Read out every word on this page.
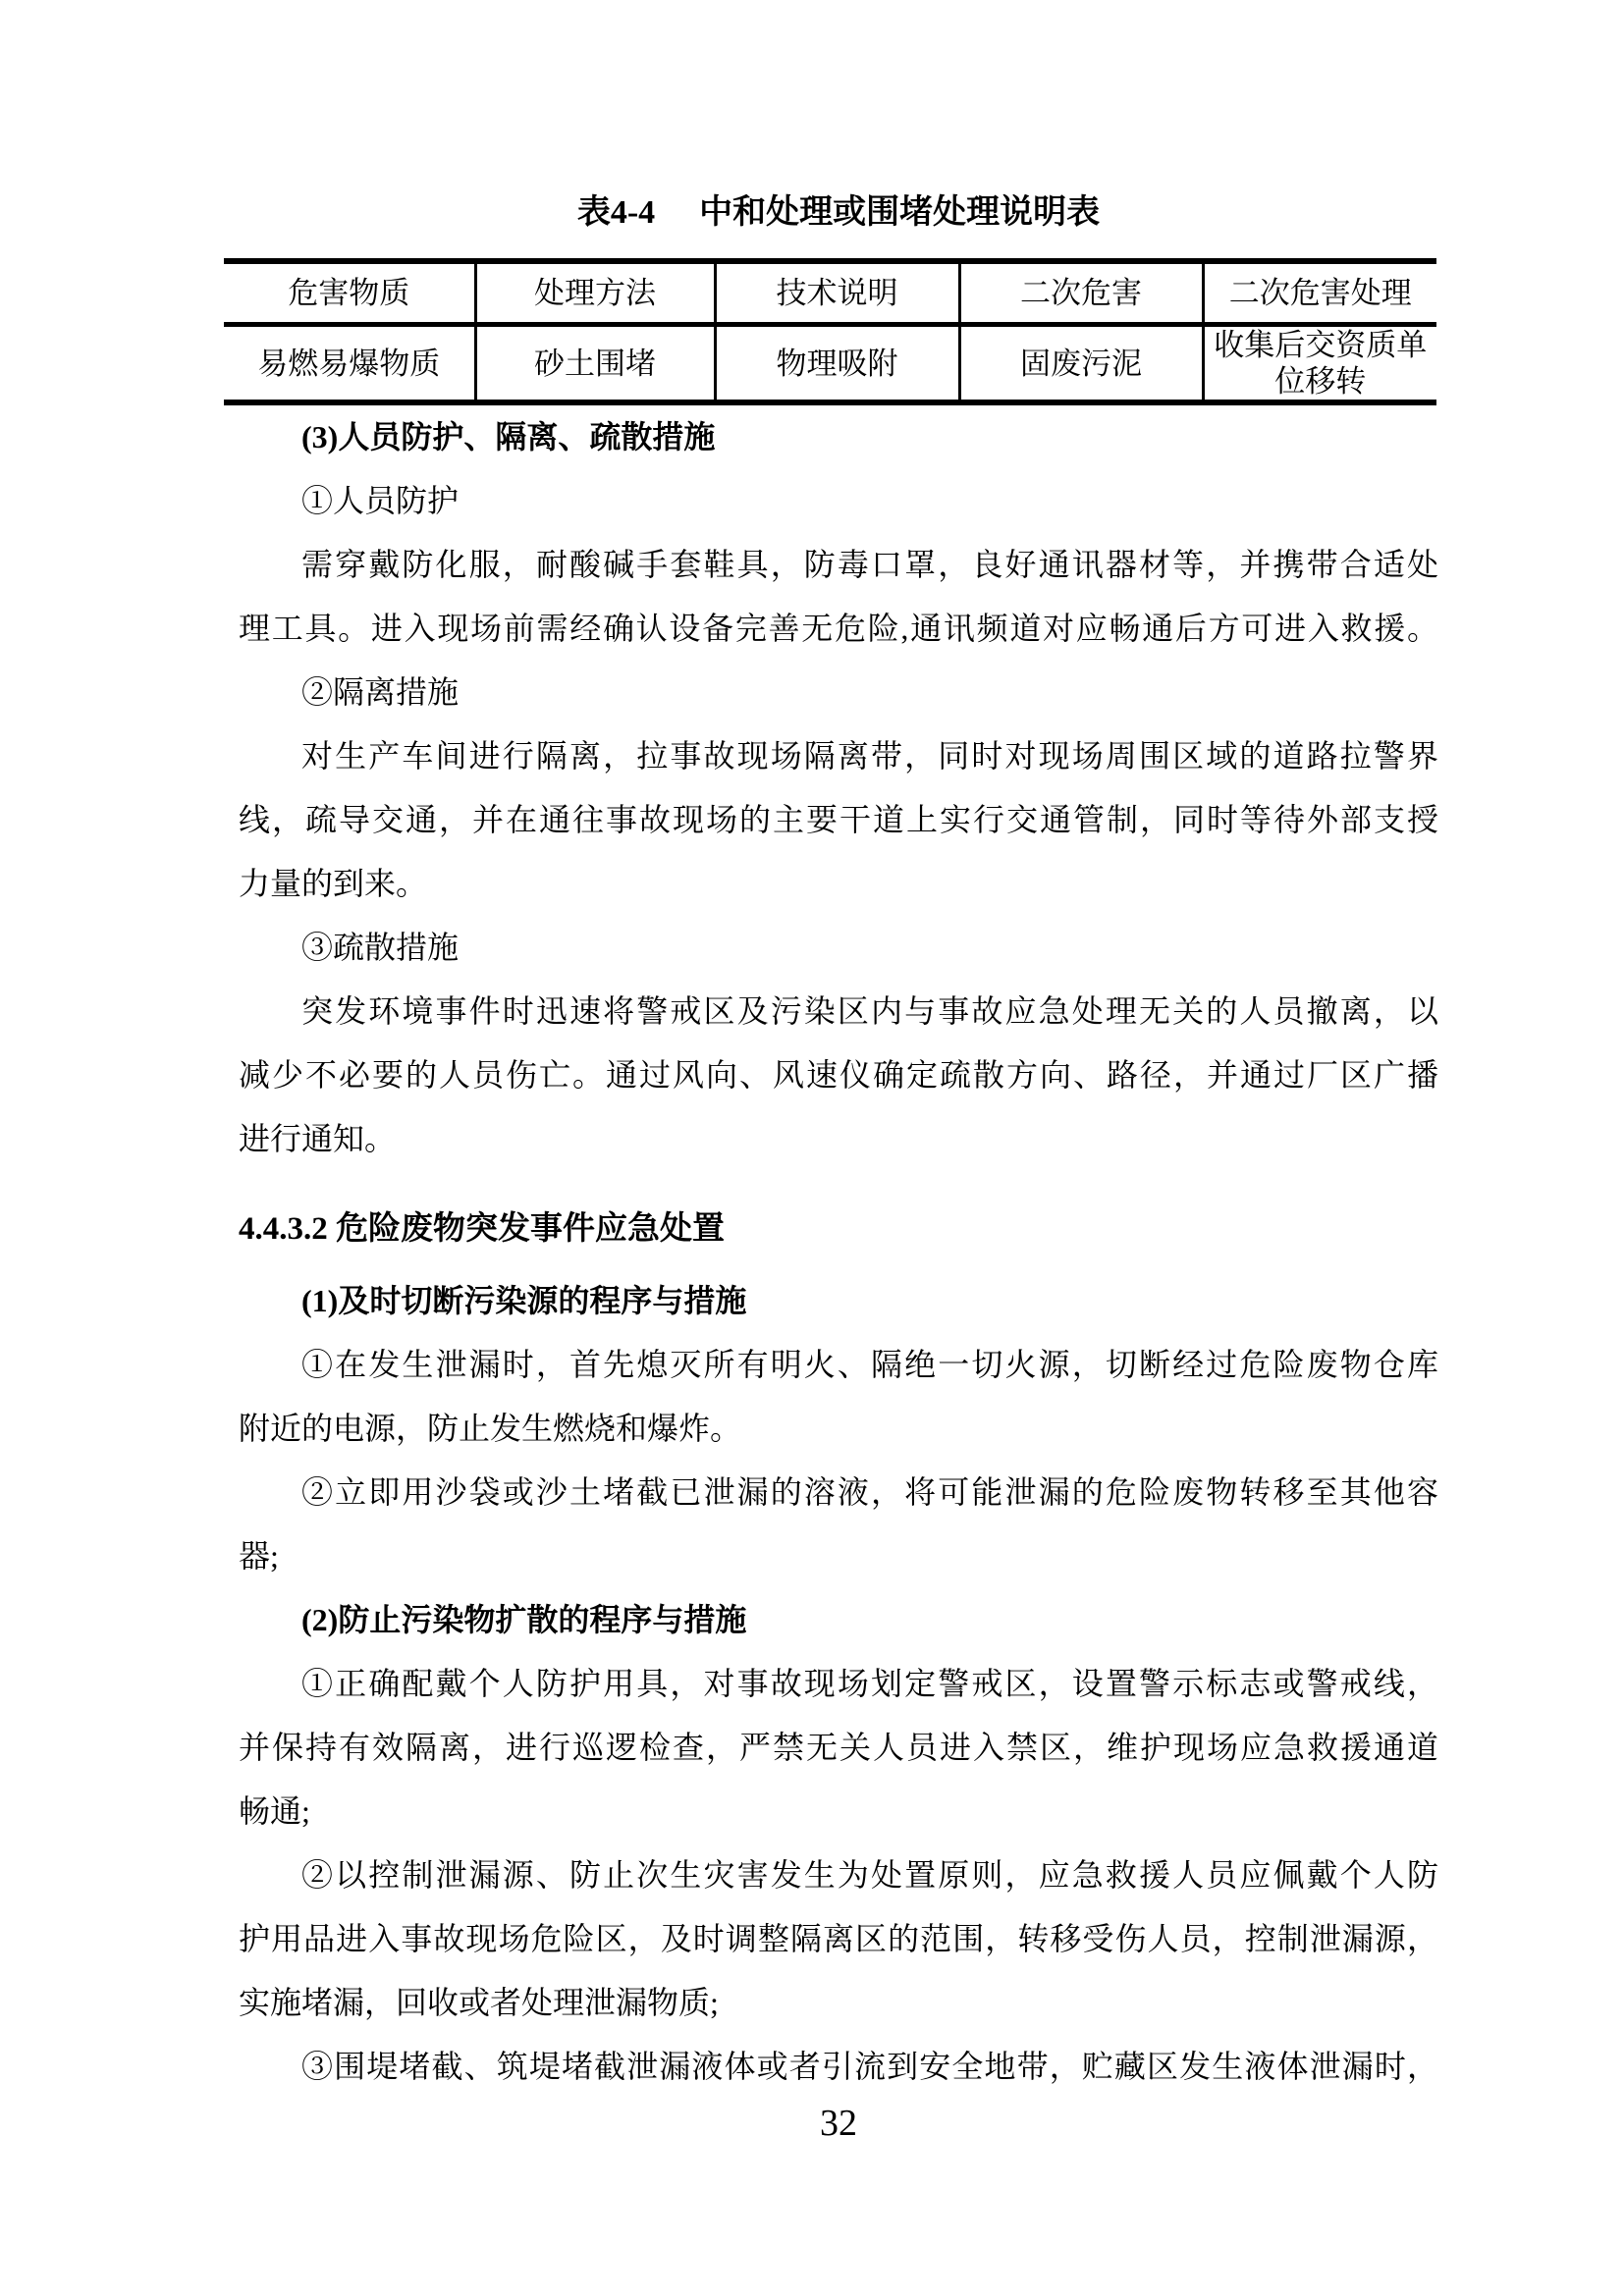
表4-4 中和处理或围堵处理说明表
危害物质	处理方法	技术说明	二次危害	二次危害处理
易燃易爆物质	砂土围堵	物理吸附	固废污泥	收集后交资质单位移转
(3)人员防护、隔离、疏散措施
①人员防护
需穿戴防化服，耐酸碱手套鞋具，防毒口罩，良好通讯器材等，并携带合适处
理工具。进入现场前需经确认设备完善无危险,通讯频道对应畅通后方可进入救援。
②隔离措施
对生产车间进行隔离，拉事故现场隔离带，同时对现场周围区域的道路拉警界
线，疏导交通，并在通往事故现场的主要干道上实行交通管制，同时等待外部支授
力量的到来。
③疏散措施
突发环境事件时迅速将警戒区及污染区内与事故应急处理无关的人员撤离，以
减少不必要的人员伤亡。通过风向、风速仪确定疏散方向、路径，并通过厂区广播
进行通知。
4.4.3.2 危险废物突发事件应急处置
(1)及时切断污染源的程序与措施
①在发生泄漏时，首先熄灭所有明火、隔绝一切火源，切断经过危险废物仓库
附近的电源，防止发生燃烧和爆炸。
②立即用沙袋或沙土堵截已泄漏的溶液，将可能泄漏的危险废物转移至其他容
器;
(2)防止污染物扩散的程序与措施
①正确配戴个人防护用具，对事故现场划定警戒区，设置警示标志或警戒线，
并保持有效隔离，进行巡逻检查，严禁无关人员进入禁区，维护现场应急救援通道
畅通;
②以控制泄漏源、防止次生灾害发生为处置原则，应急救援人员应佩戴个人防
护用品进入事故现场危险区，及时调整隔离区的范围，转移受伤人员，控制泄漏源，
实施堵漏，回收或者处理泄漏物质;
③围堤堵截、筑堤堵截泄漏液体或者引流到安全地带，贮藏区发生液体泄漏时，
32
